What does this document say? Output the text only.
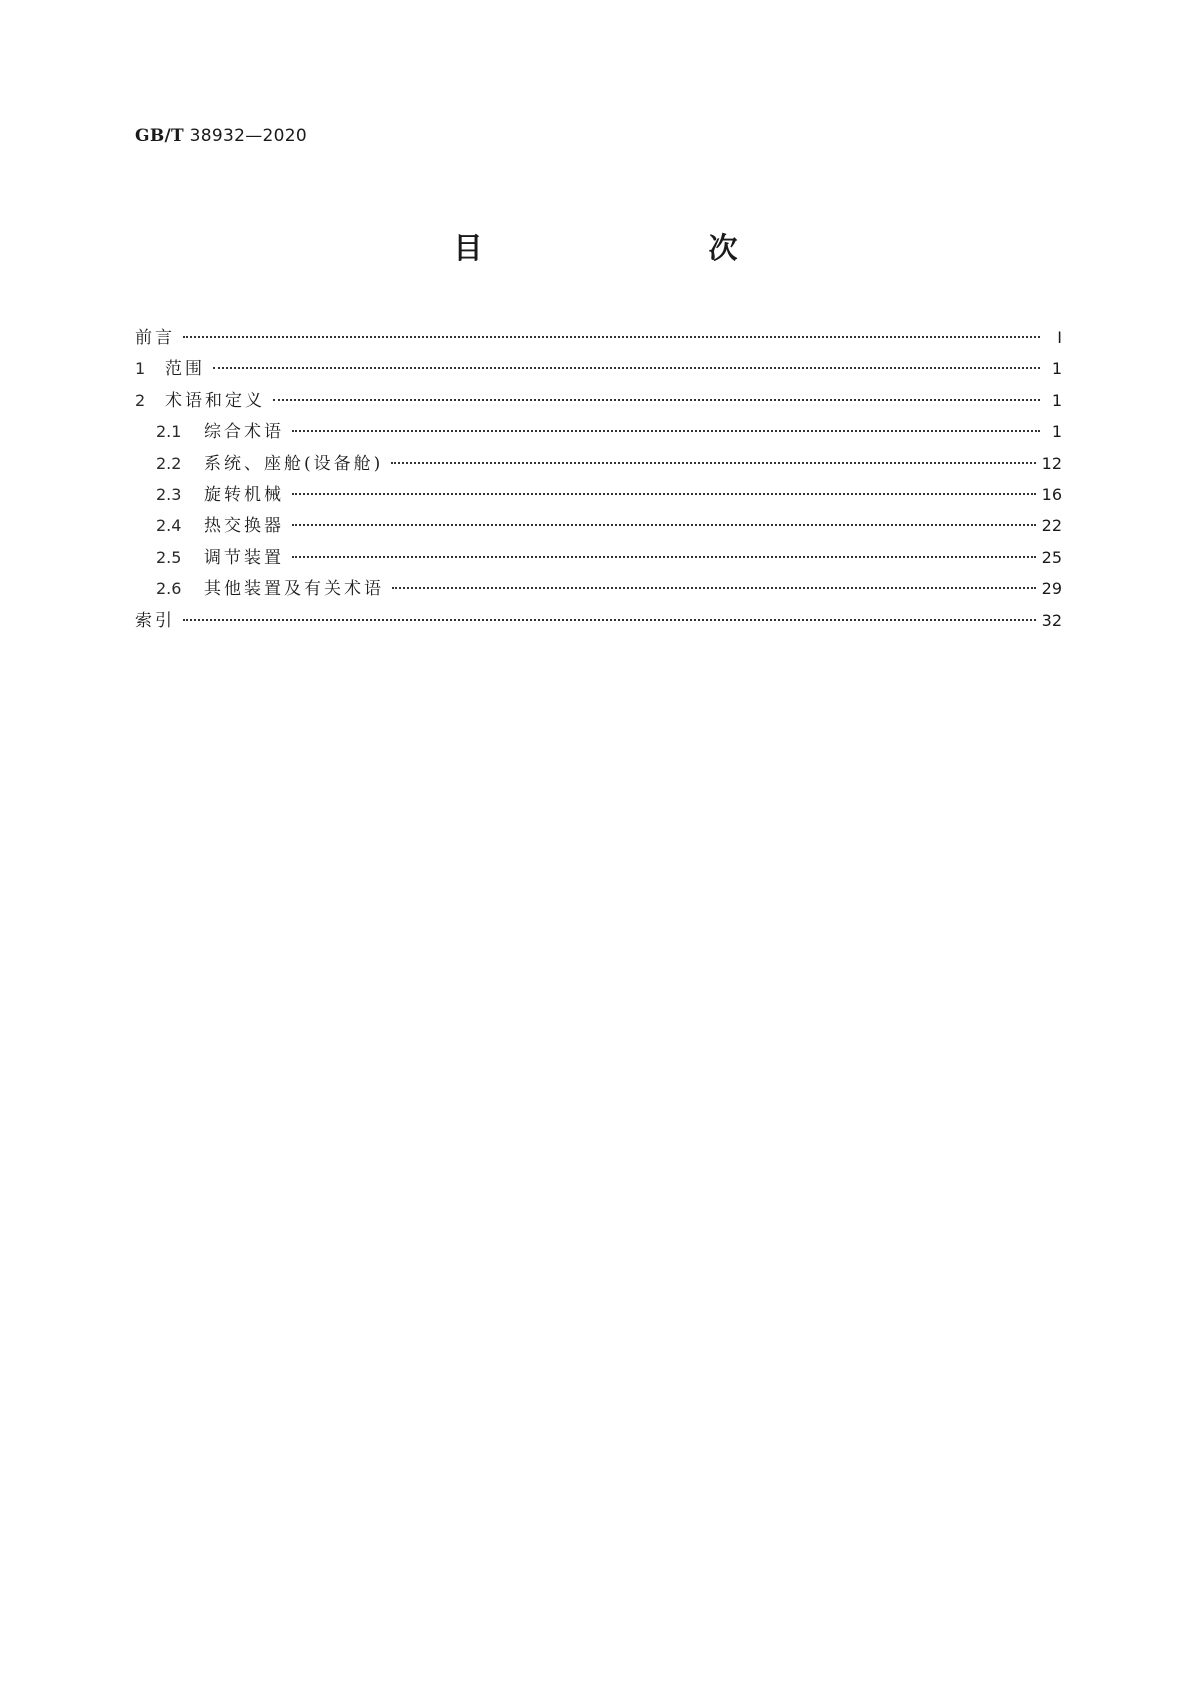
GB/T 38932—2020
目　　次
前言	Ⅰ
1	范围	1
2	术语和定义	1
2.1	综合术语	1
2.2	系统、座舱(设备舱)	12
2.3	旋转机械	16
2.4	热交换器	22
2.5	调节装置	25
2.6	其他装置及有关术语	29
索引	32
